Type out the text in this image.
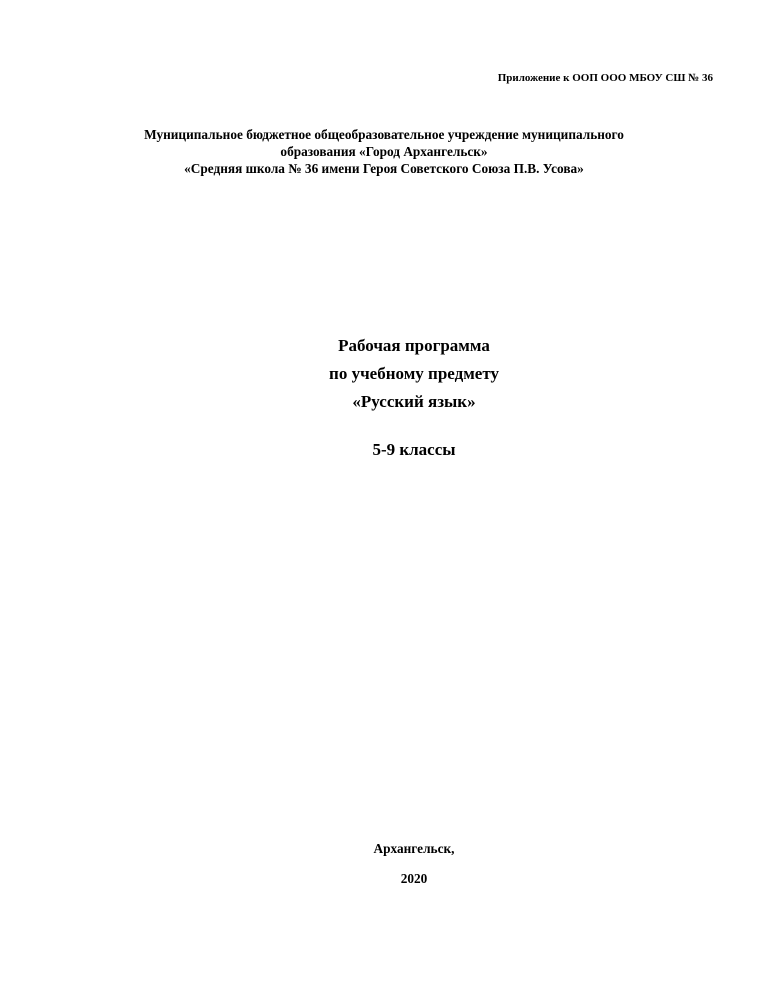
Приложение к ООП ООО МБОУ СШ № 36
Муниципальное бюджетное общеобразовательное учреждение муниципального
образования «Город Архангельск»
«Средняя школа № 36 имени Героя Советского Союза П.В. Усова»
Рабочая программа
по учебному предмету
«Русский язык»
5-9 классы
Архангельск,
2020
